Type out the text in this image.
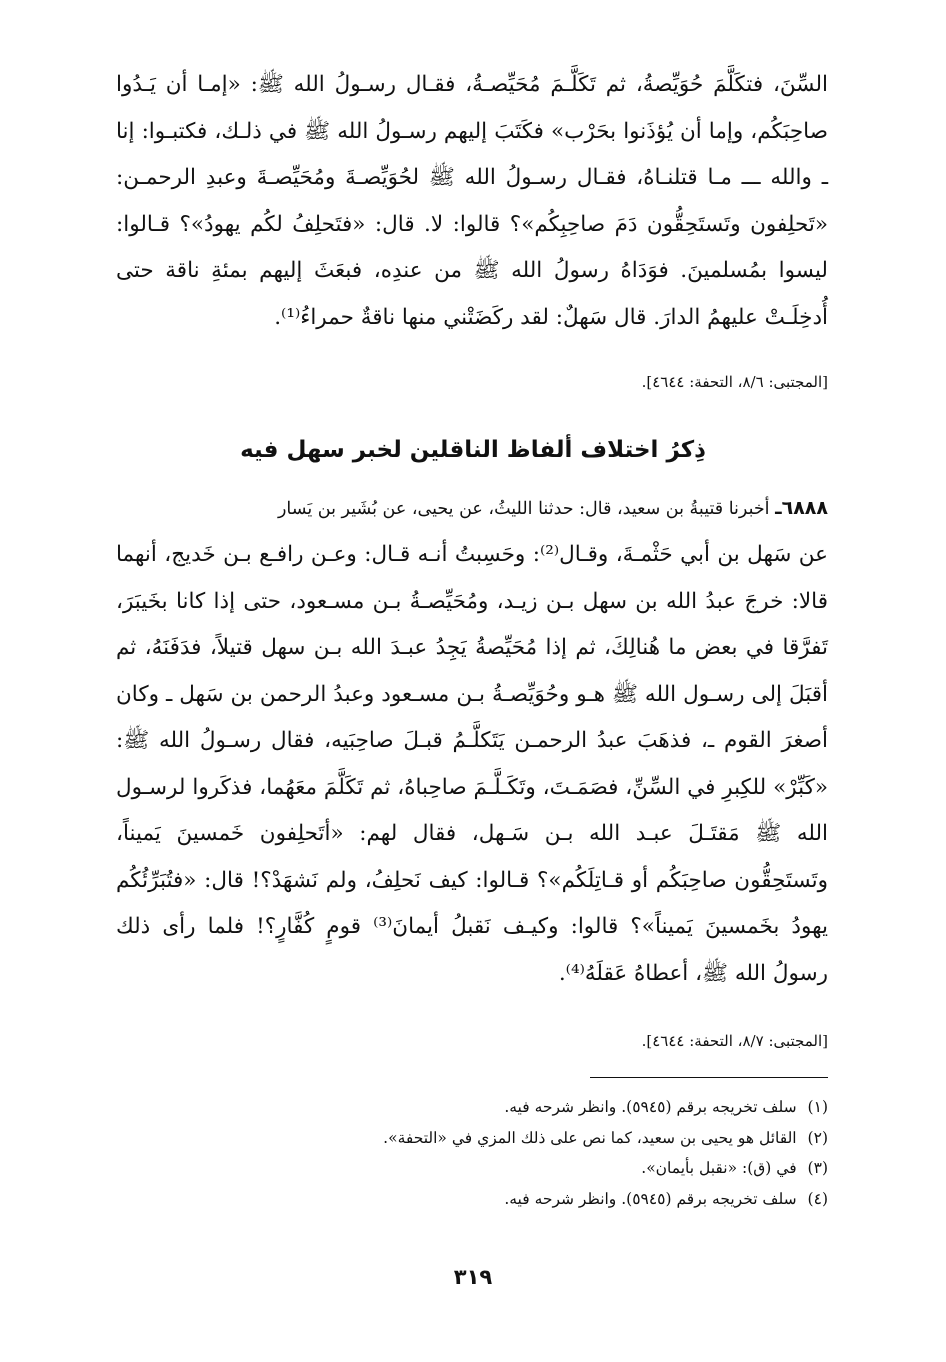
السِّنَ، فتكَلَّمَ حُوَيِّصةُ، ثم تَكَلَّـمَ مُحَيِّصـةُ، فقـال رسـولُ الله ﷺ: «إمـا أن يَـدُوا صاحِبَكُم، وإما أن يُؤذَنوا بحَرْب» فكَتَبَ إليهم رسـولُ الله ﷺ في ذلـك، فكتبـوا: إنا ـ والله ـــ مـا قتلنـاهُ، فقـال رسـولُ الله ﷺ لحُوَيِّصـةَ ومُحَيِّصـةَ وعبدِ الرحمـن: «تَحلِفون وتَستَحِقُّون دَمَ صاحِبِكُم»؟ قالوا: لا. قال: «فتَحلِفُ لكُم يهودُ»؟ قـالوا: ليسوا بمُسلمينَ. فوَدَاهُ رسولُ الله ﷺ من عندِه، فبعَثَ إليهم بمئةِ ناقة حتى أُدخِلَـتْ عليهمُ الدارَ. قال سَهلٌ: لقد ركَضَتْني منها ناقةٌ حمراءُ⁽¹⁾.

[المجتبى: ٨/٦، التحفة: ٤٦٤٤].

ذِكرُ اختلاف ألفاظ الناقلين لخبر سهل فيه

٦٨٨٨ـ أخبرنا قتيبةُ بن سعيد، قال: حدثنا الليثُ، عن يحيى، عن بُشَير بن يَسار

عن سَهل بن أبي حَثْمـةَ، وقـال⁽²⁾: وحَسِبتُ أنـه قـال: وعـن رافـع بـن خَديج، أنهما قالا: خرجَ عبدُ الله بن سهل بـن زيـد، ومُحَيِّصـةُ بـن مسـعود، حتى إذا كانا بخَيبَرَ، تَفرَّقا في بعض ما هُنالِكَ، ثم إذا مُحَيِّصةُ يَجِدُ عبـدَ الله بـن سهل قتيلاً، فدَفَنَهُ، ثم أقبَلَ إلى رسـول الله ﷺ هـو وحُوَيِّصـةُ بـن مسـعود وعبدُ الرحمن بن سَهل ـ وكان أصغرَ القوم ـ، فذهَبَ عبدُ الرحمـن يَتَكلَّـمُ قبـلَ صاحِبَيه، فقال رسـولُ الله ﷺ: «كَبِّرْ» للكِبرِ في السِّنِّ، فصَمَـتَ، وتَكَـلَّـمَ صاحِباهُ، ثم تَكَلَّمَ معَهُما، فذكَروا لرسـول الله ﷺ مَقتَـلَ عبـد الله بـن سَـهل، فقال لهم: «أتَحلِفون خَمسينَ يَميناً، وتَستَحِقُّون صاحِبَكُم أو قـاتِلَكُم»؟ قـالوا: كيف نَحلِفُ، ولم نَشهَدْ؟! قال: «فتُبَرِّئُكُم يهودُ بخَمسينَ يَميناً»؟ قالوا: وكيـف نَقبلُ أيمانَ⁽³⁾ قومٍ كُفَّارٍ؟! فلما رأى ذلك رسولُ الله ﷺ، أعطاهُ عَقلَهُ⁽⁴⁾.

[المجتبى: ٨/٧، التحفة: ٤٦٤٤].

(١) سلف تخريجه برقم (٥٩٤٥). وانظر شرحه فيه.
(٢) القائل هو يحيى بن سعيد، كما نص على ذلك المزي في «التحفة».
(٣) في (ق): «نقبل بأيمان».
(٤) سلف تخريجه برقم (٥٩٤٥). وانظر شرحه فيه.
٣١٩
